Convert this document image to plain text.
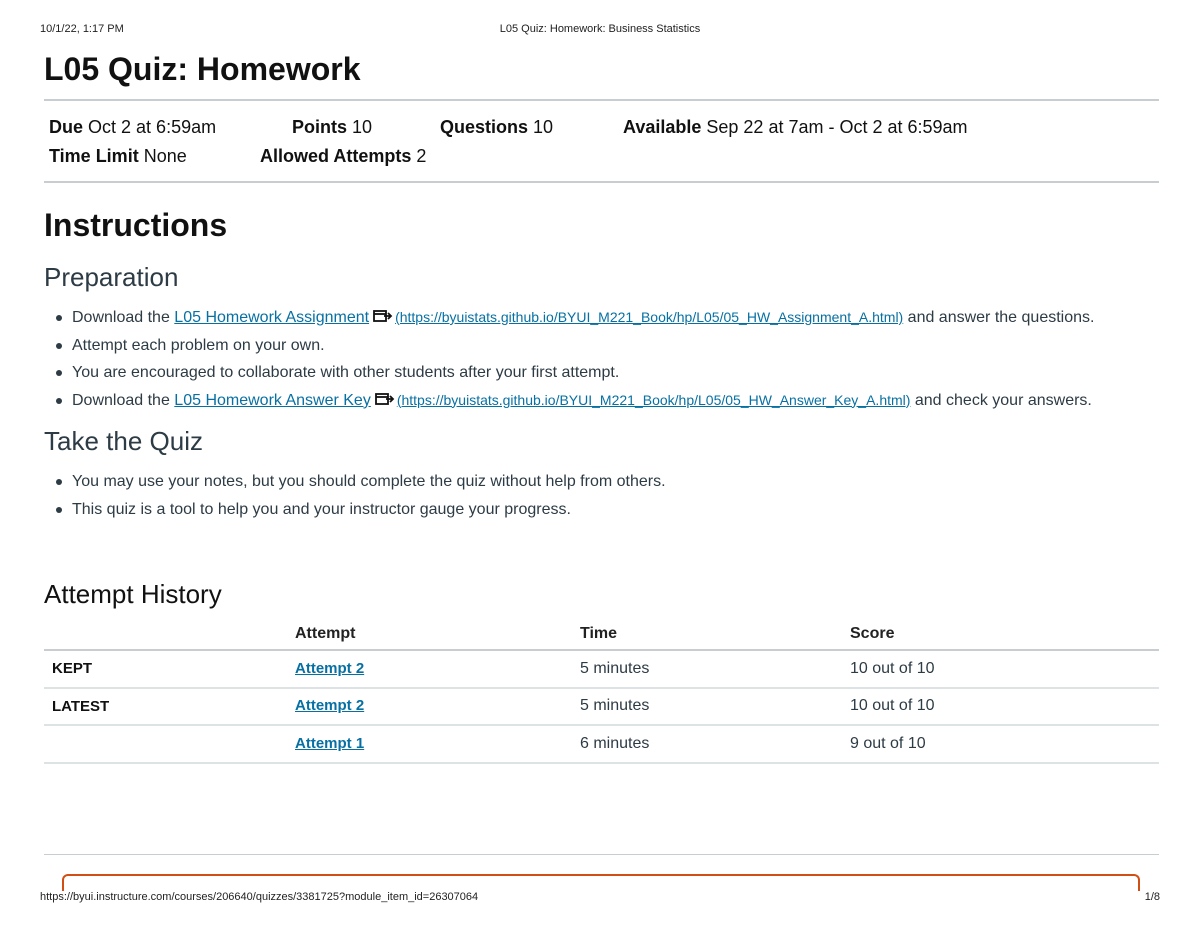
10/1/22, 1:17 PM	L05 Quiz: Homework: Business Statistics
L05 Quiz: Homework
Due Oct 2 at 6:59am	Points 10	Questions 10	Available Sep 22 at 7am - Oct 2 at 6:59am
Time Limit None	Allowed Attempts 2
Instructions
Preparation
Download the L05 Homework Assignment (https://byuistats.github.io/BYUI_M221_Book/hp/L05/05_HW_Assignment_A.html) and answer the questions.
Attempt each problem on your own.
You are encouraged to collaborate with other students after your first attempt.
Download the L05 Homework Answer Key (https://byuistats.github.io/BYUI_M221_Book/hp/L05/05_HW_Answer_Key_A.html) and check your answers.
Take the Quiz
You may use your notes, but you should complete the quiz without help from others.
This quiz is a tool to help you and your instructor gauge your progress.
Attempt History
	Attempt	Time	Score
KEPT	Attempt 2	5 minutes	10 out of 10
LATEST	Attempt 2	5 minutes	10 out of 10
	Attempt 1	6 minutes	9 out of 10
https://byui.instructure.com/courses/206640/quizzes/3381725?module_item_id=26307064	1/8
